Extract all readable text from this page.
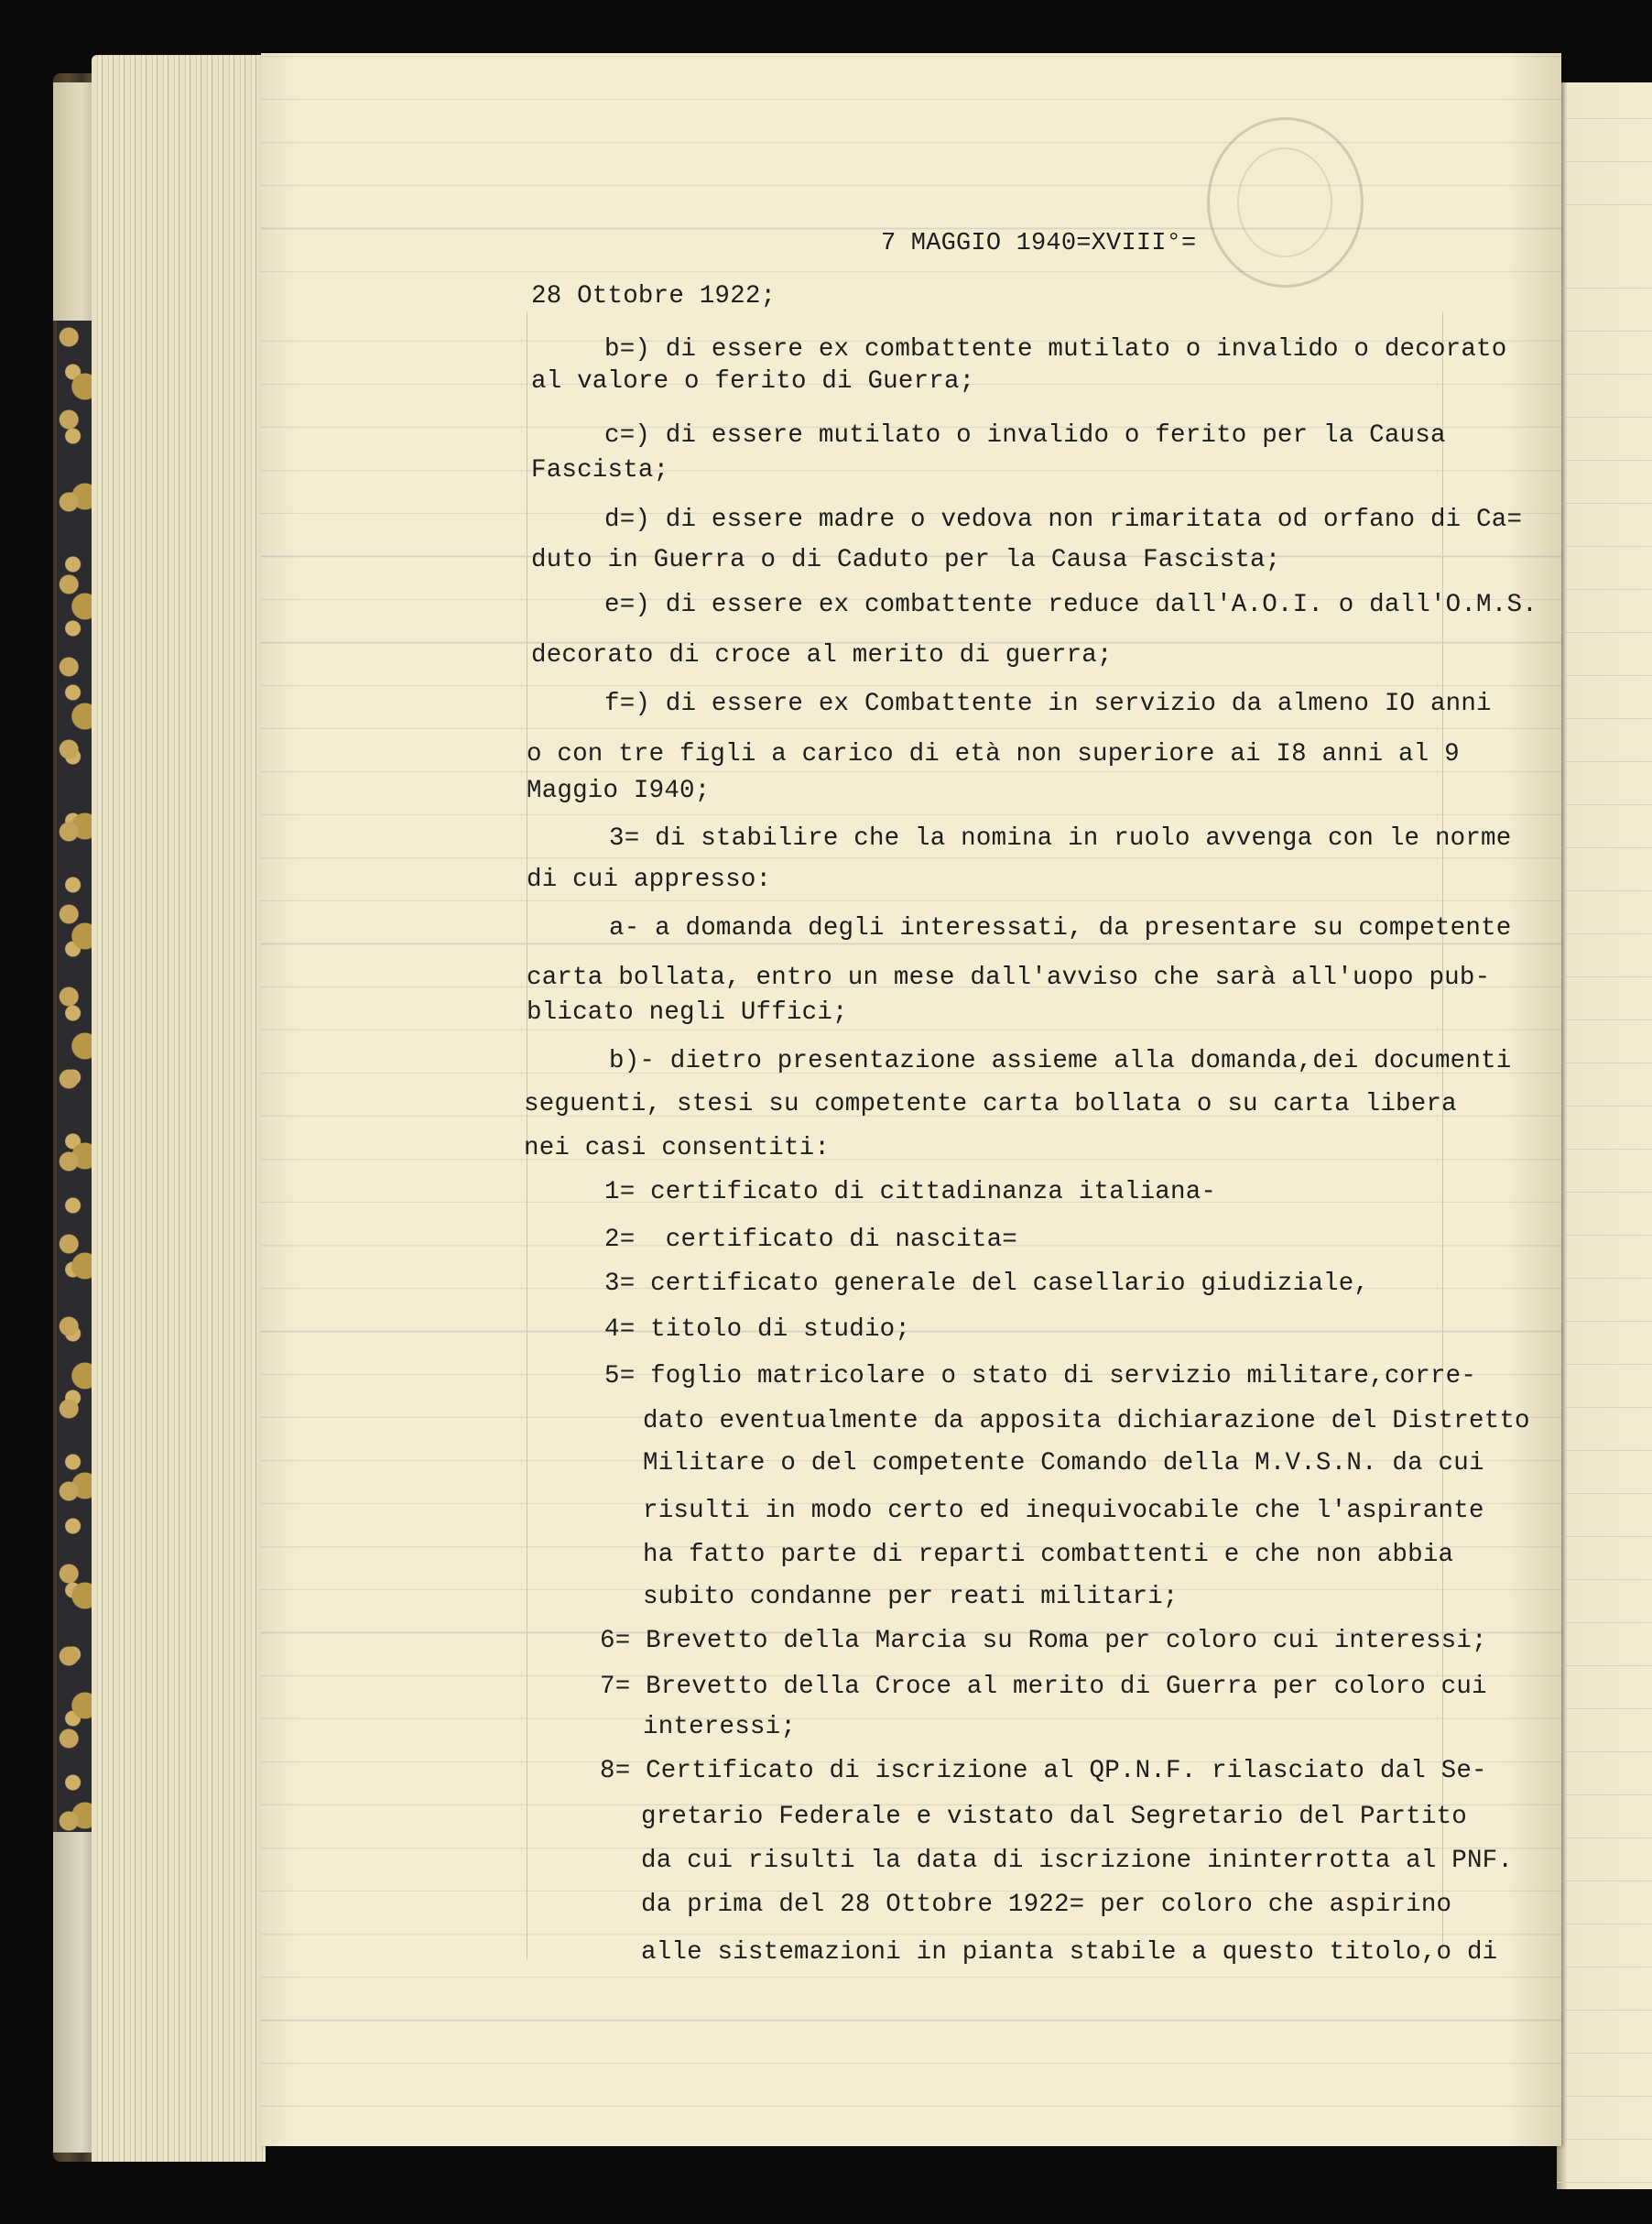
7 MAGGIO 1940=XVIII°=
28 Ottobre 1922;
b=) di essere ex combattente mutilato o invalido o decorato
al valore o ferito di Guerra;
c=) di essere mutilato o invalido o ferito per la Causa
Fascista;
d=) di essere madre o vedova non rimaritata od orfano di Ca=
duto in Guerra o di Caduto per la Causa Fascista;
e=) di essere ex combattente reduce dall'A.O.I. o dall'O.M.S.
decorato di croce al merito di guerra;
f=) di essere ex Combattente in servizio da almeno IO anni
o con tre figli a carico di età non superiore ai I8 anni al 9
Maggio I940;
3= di stabilire che la nomina in ruolo avvenga con le norme
di cui appresso:
a- a domanda degli interessati, da presentare su competente
carta bollata, entro un mese dall'avviso che sarà all'uopo pub-
blicato negli Uffici;
b)- dietro presentazione assieme alla domanda,dei documenti
seguenti, stesi su competente carta bollata o su carta libera
nei casi consentiti:
1= certificato di cittadinanza italiana-
2=  certificato di nascita=
3= certificato generale del casellario giudiziale,
4= titolo di studio;
5= foglio matricolare o stato di servizio militare,corre-
dato eventualmente da apposita dichiarazione del Distretto
Militare o del competente Comando della M.V.S.N. da cui
risulti in modo certo ed inequivocabile che l'aspirante
ha fatto parte di reparti combattenti e che non abbia
subito condanne per reati militari;
6= Brevetto della Marcia su Roma per coloro cui interessi;
7= Brevetto della Croce al merito di Guerra per coloro cui
interessi;
8= Certificato di iscrizione al QP.N.F. rilasciato dal Se-
gretario Federale e vistato dal Segretario del Partito
da cui risulti la data di iscrizione ininterrotta al PNF.
da prima del 28 Ottobre 1922= per coloro che aspirino
alle sistemazioni in pianta stabile a questo titolo,o di
